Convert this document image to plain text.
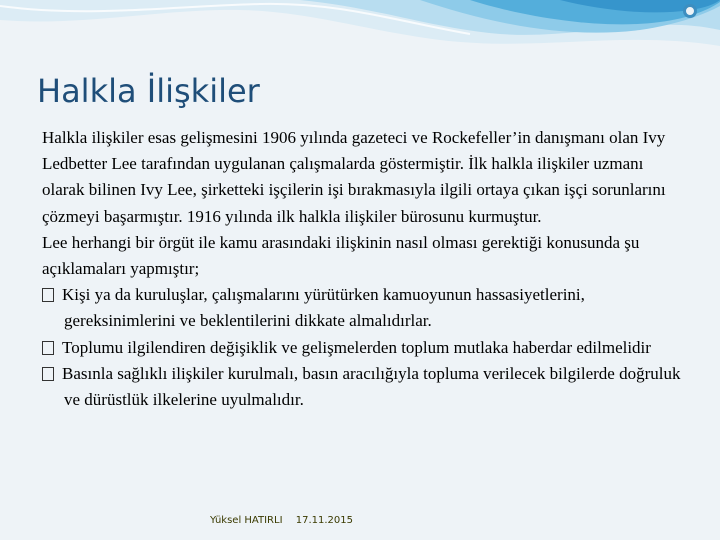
Halkla İlişkiler

Halkla ilişkiler esas gelişmesini 1906 yılında gazeteci ve Rockefeller’in danışmanı olan Ivy Ledbetter Lee tarafından uygulanan çalışmalarda göstermiştir. İlk halkla ilişkiler uzmanı olarak bilinen Ivy Lee, şirketteki işçilerin işi bırakmasıyla ilgili ortaya çıkan işçi sorunlarını çözmeyi başarmıştır. 1916 yılında ilk halkla ilişkiler bürosunu kurmuştur.

Lee herhangi bir örgüt ile kamu arasındaki ilişkinin nasıl olması gerektiği konusunda şu açıklamaları yapmıştır;

Kişi ya da kuruluşlar, çalışmalarını yürütürken kamuoyunun hassasiyetlerini, gereksinimlerini ve beklentilerini dikkate almalıdırlar.

Toplumu ilgilendiren değişiklik ve gelişmelerden toplum mutlaka haberdar edilmelidir

Basınla sağlıklı ilişkiler kurulmalı, basın aracılığıyla topluma verilecek bilgilerde doğruluk ve dürüstlük ilkelerine uyulmalıdır.

Yüksel HATIRLI 17.11.2015
